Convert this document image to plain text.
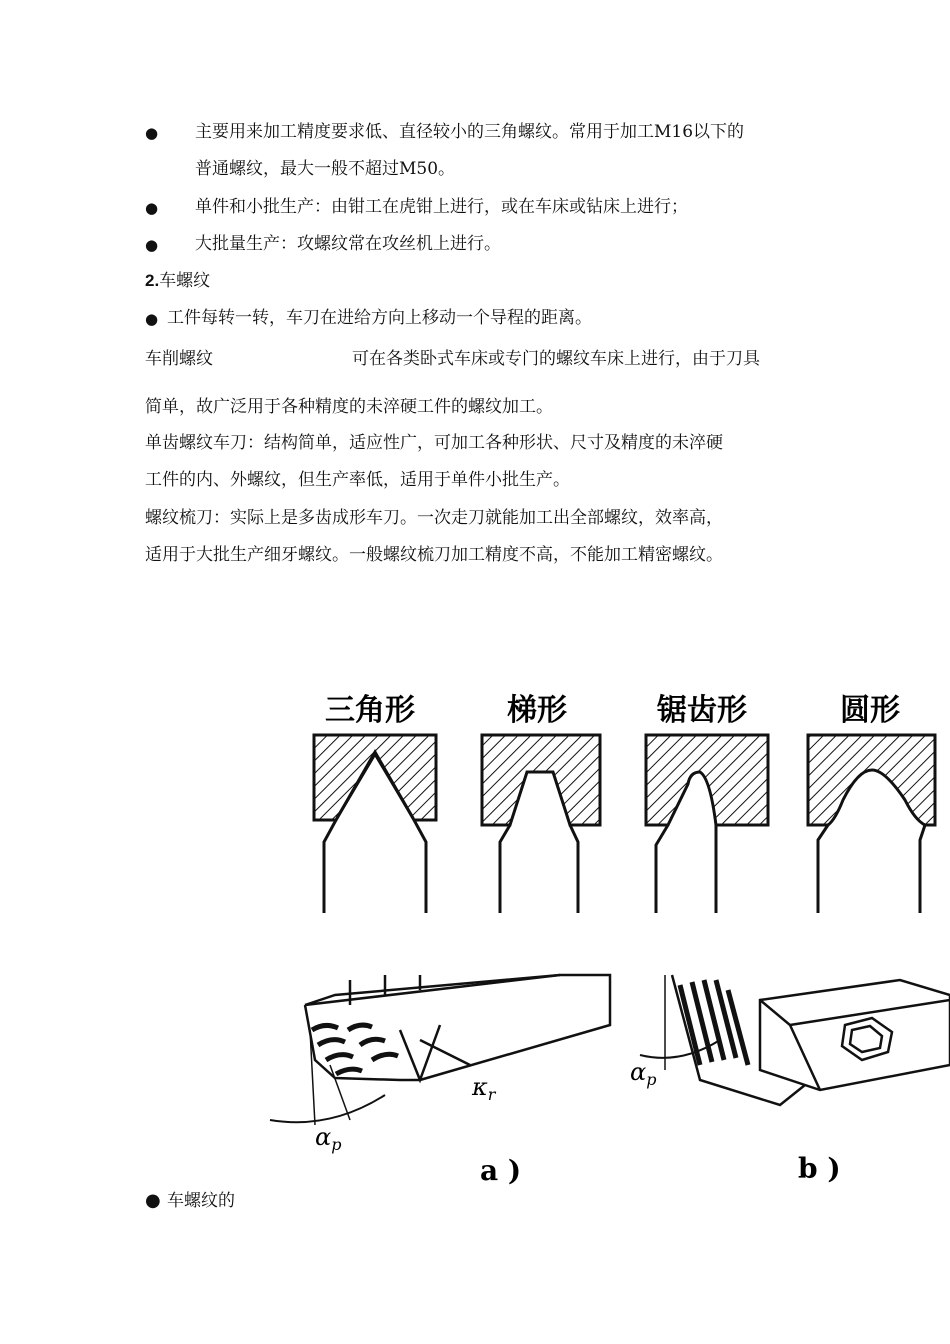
● 主要用来加工精度要求低、直径较小的三角螺纹。常用于加工M16以下的
普通螺纹，最大一般不超过M50。
● 单件和小批生产：由钳工在虎钳上进行，或在车床或钻床上进行；
● 大批量生产：攻螺纹常在攻丝机上进行。
2.车螺纹
● 工件每转一转，车刀在进给方向上移动一个导程的距离。
车削螺纹	可在各类卧式车床或专门的螺纹车床上进行，由于刀具
简单，故广泛用于各种精度的未淬硬工件的螺纹加工。
单齿螺纹车刀：结构简单，适应性广，可加工各种形状、尺寸及精度的未淬硬
工件的内、外螺纹，但生产率低，适用于单件小批生产。
螺纹梳刀：实际上是多齿成形车刀。一次走刀就能加工出全部螺纹，效率高，
适用于大批生产细牙螺纹。一般螺纹梳刀加工精度不高，不能加工精密螺纹。
三角形	梯形	锯齿形	圆形
$\kappa_r$
$\alpha_p$
$\alpha_p$
a )	b )
● 车螺纹的
